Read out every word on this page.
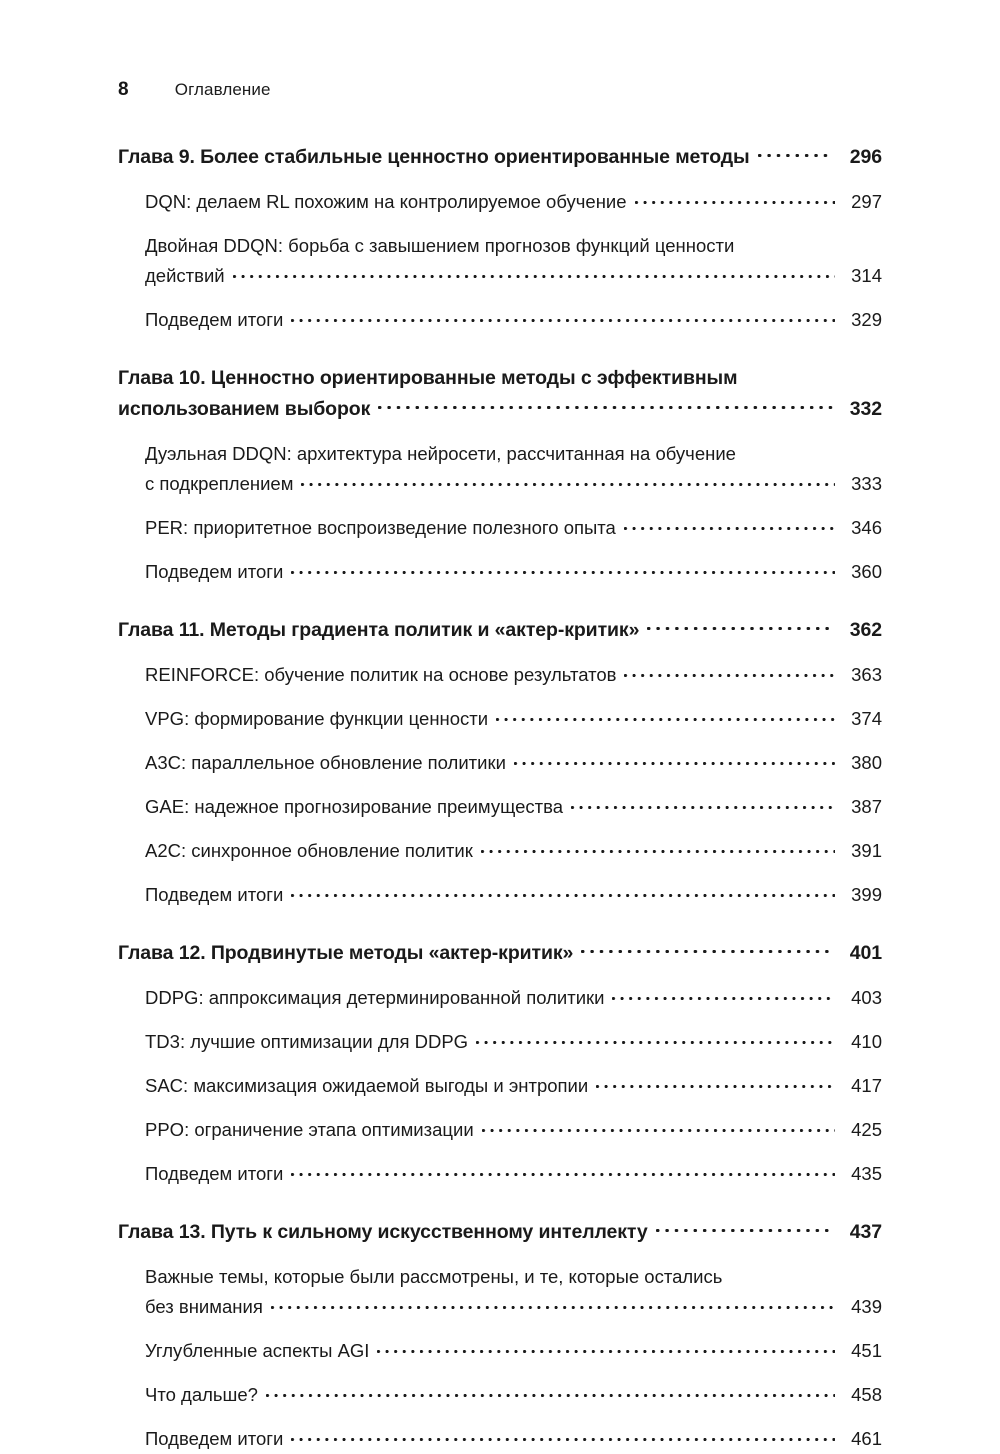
8	Оглавление
Глава 9. Более стабильные ценностно ориентированные методы	296
DQN: делаем RL похожим на контролируемое обучение	297
Двойная DDQN: борьба с завышением прогнозов функций ценности
действий	314
Подведем итоги	329
Глава 10. Ценностно ориентированные методы с эффективным
использованием выборок	332
Дуэльная DDQN: архитектура нейросети, рассчитанная на обучение
с подкреплением	333
PER: приоритетное воспроизведение полезного опыта	346
Подведем итоги	360
Глава 11. Методы градиента политик и «актер-критик»	362
REINFORCE: обучение политик на основе результатов	363
VPG: формирование функции ценности	374
A3C: параллельное обновление политики	380
GAE: надежное прогнозирование преимущества	387
A2C: синхронное обновление политик	391
Подведем итоги	399
Глава 12. Продвинутые методы «актер-критик»	401
DDPG: аппроксимация детерминированной политики	403
TD3: лучшие оптимизации для DDPG	410
SAC: максимизация ожидаемой выгоды и энтропии	417
PPO: ограничение этапа оптимизации	425
Подведем итоги	435
Глава 13. Путь к сильному искусственному интеллекту	437
Важные темы, которые были рассмотрены, и те, которые остались
без внимания	439
Углубленные аспекты AGI	451
Что дальше?	458
Подведем итоги	461
